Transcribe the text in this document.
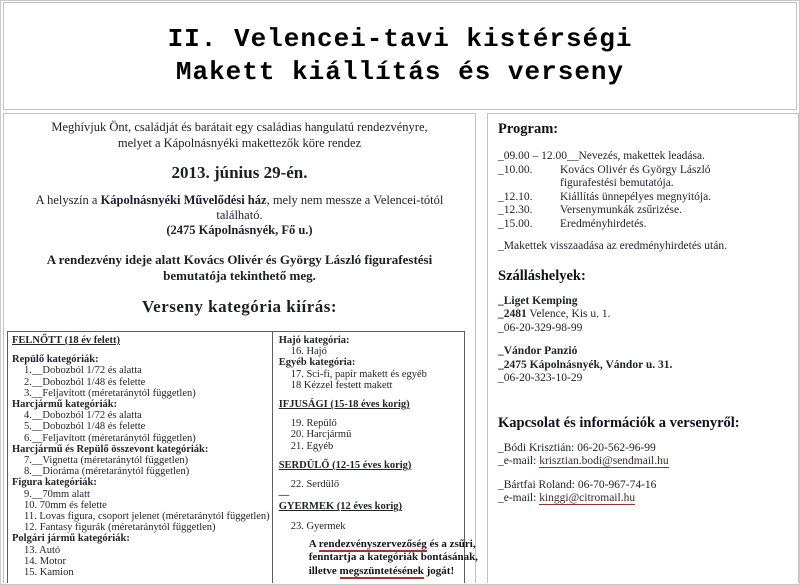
II. Velencei-tavi kistérségi
Makett kiállítás és verseny
Meghívjuk Önt, családját és barátait egy családias hangulatú rendezvényre,
melyet a Kápolnásnyéki makettezők köre rendez
2013. június 29-én.
A helyszín a Kápolnásnyéki Művelődési ház, mely nem messze a Velencei-tótól
található.
(2475 Kápolnásnyék, Fő u.)
A rendezvény ideje alatt Kovács Olivér és György László figurafestési
bemutatója tekinthető meg.
Verseny kategória kiírás:
FELNŐTT (18 év felett)
Repülő kategóriák:
1.__Dobozból 1/72 és alatta
2.__Dobozból 1/48 és felette
3.__Feljavított (méretaránytól független)
Harcjármű kategóriák:
4.__Dobozból 1/72 és alatta
5.__Dobozból 1/48 és felette
6.__Feljavított (méretaránytól független)
Harcjármű és Repülő összevont kategóriák:
7.__Vignetta (méretaránytól független)
8.__Dioráma (méretaránytól független)
Figura kategóriák:
9.__70mm alatt
10. 70mm és felette
11. Lovas figura, csoport jelenet (méretaránytól független)
12. Fantasy figurák (méretaránytól független)
Polgári jármű kategóriák:
13. Autó
14. Motor
15. Kamion
Hajó kategória:
16. Hajó
Egyéb kategória:
17. Sci-fi, papír makett és egyéb
18 Kézzel festett makett
IFJUSÁGI (15-18 éves korig)
19. Repülő
20. Harcjármű
21. Egyéb
SERDÜLŐ (12-15 éves korig)
22. Serdülő
—
GYERMEK (12 éves korig)
23. Gyermek
A rendezvényszervezőség és a zsűri,
fenntartja a kategóriák bontásának,
illetve megszüntetésének jogát!
Program:
_09.00 – 12.00_ _Nevezés, makettek leadása.
_10.00.	Kovács Olivér és György László figurafestési bemutatója.
_12.10.	Kiállítás ünnepélyes megnyitója.
_12.30.	Versenymunkák zsűrizése.
_15.00.	Eredményhirdetés.
_Makettek visszaadása az eredményhirdetés után.
Szálláshelyek:
_Liget Kemping
_2481 Velence, Kis u. 1.
_06-20-329-98-99
_Vándor Panzió
_2475 Kápolnásnyék, Vándor u. 31.
_06-20-323-10-29
Kapcsolat és információk a versenyről:
_Bódi Krisztián: 06-20-562-96-99
_e-mail: krisztian.bodi@sendmail.hu
_Bártfai Roland: 06-70-967-74-16
_e-mail: kinggi@citromail.hu
